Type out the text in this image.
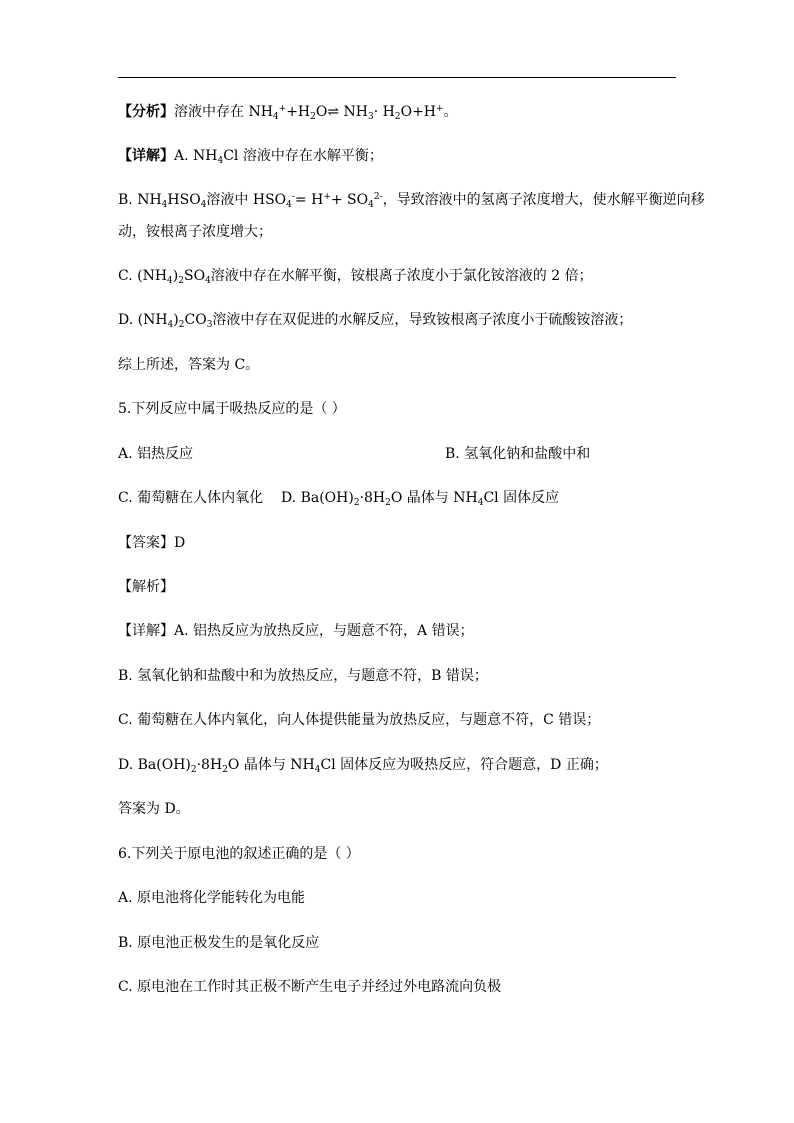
【分析】溶液中存在 $NH_4^++H_2O\rightleftharpoons$ $NH_3\cdot H_2O+H^+$。
【详解】A. $NH_4Cl$ 溶液中存在水解平衡；
B. $NH_4HSO_4$溶液中 $HSO_4^-= H^++ SO_4^{2-}$，导致溶液中的氢离子浓度增大，使水解平衡逆向移
动，铵根离子浓度增大；
C. $(NH_4)_2SO_4$溶液中存在水解平衡，铵根离子浓度小于氯化铵溶液的 2 倍；
D. $(NH_4)_2CO_3$溶液中存在双促进的水解反应，导致铵根离子浓度小于硫酸铵溶液；
综上所述，答案为 C。
5.下列反应中属于吸热反应的是（ ）
A. 铝热反应	B. 氢氧化钠和盐酸中和
C. 葡萄糖在人体内氧化 D. $Ba(OH)_2\cdot 8H_2O$ 晶体与 $NH_4Cl$ 固体反应
【答案】D
【解析】
【详解】A. 铝热反应为放热反应，与题意不符，A 错误；
B. 氢氧化钠和盐酸中和为放热反应，与题意不符，B 错误；
C. 葡萄糖在人体内氧化，向人体提供能量为放热反应，与题意不符，C 错误；
D. $Ba(OH)_2\cdot 8H_2O$ 晶体与 $NH_4Cl$ 固体反应为吸热反应，符合题意，D 正确；
答案为 D。
6.下列关于原电池的叙述正确的是（ ）
A. 原电池将化学能转化为电能
B. 原电池正极发生的是氧化反应
C. 原电池在工作时其正极不断产生电子并经过外电路流向负极
